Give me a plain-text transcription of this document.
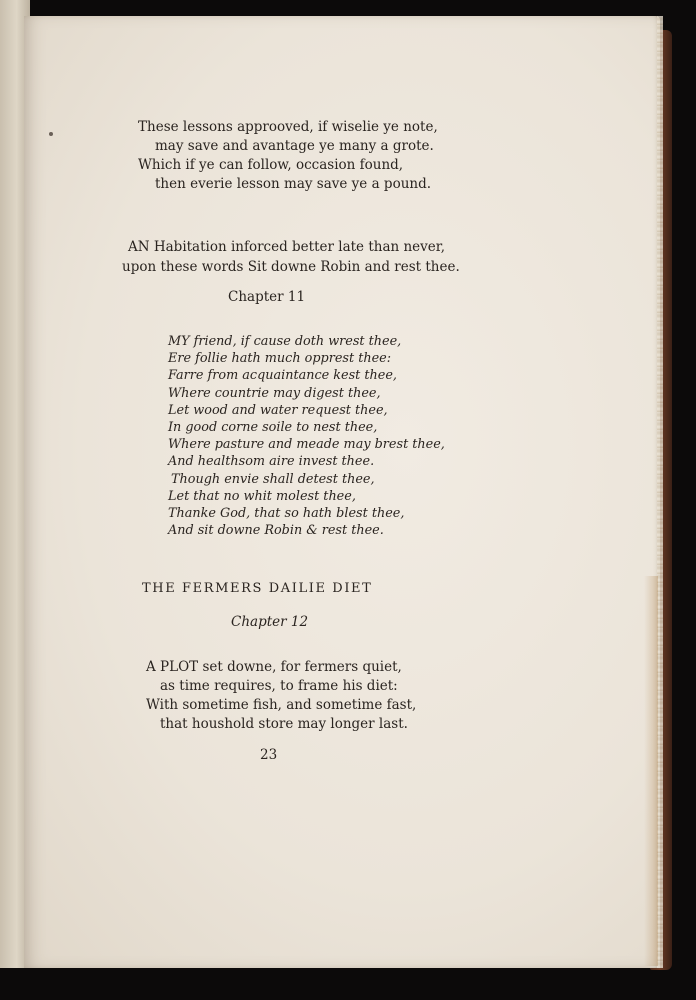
These lessons approoved, if wiselie ye note,
may save and avantage ye many a grote.
Which if ye can follow, occasion found,
then everie lesson may save ye a pound.
AN Habitation inforced better late than never,
upon these words Sit downe Robin and rest thee.
Chapter 11
MY friend, if cause doth wrest thee,
Ere follie hath much opprest thee:
Farre from acquaintance kest thee,
Where countrie may digest thee,
Let wood and water request thee,
In good corne soile to nest thee,
Where pasture and meade may brest thee,
And healthsom aire invest thee.
Though envie shall detest thee,
Let that no whit molest thee,
Thanke God, that so hath blest thee,
And sit downe Robin & rest thee.
THE FERMERS DAILIE DIET
Chapter 12
A PLOT set downe, for fermers quiet,
as time requires, to frame his diet:
With sometime fish, and sometime fast,
that houshold store may longer last.
23
